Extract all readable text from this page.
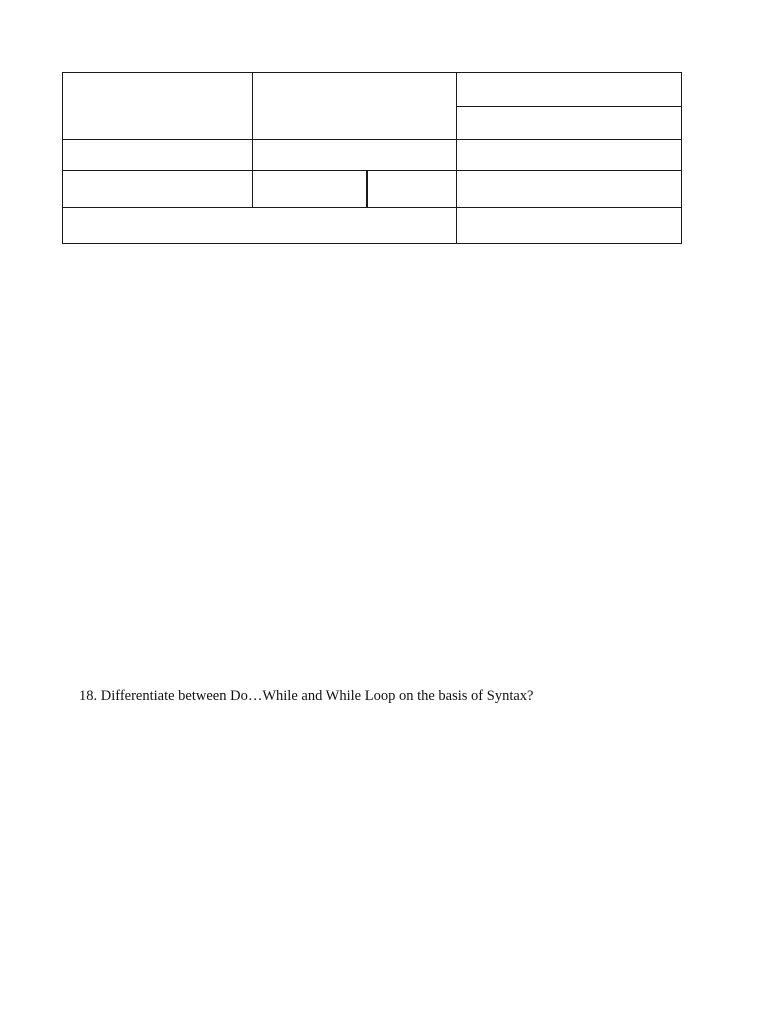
18. Differentiate between Do…While and While Loop on the basis of Syntax?
